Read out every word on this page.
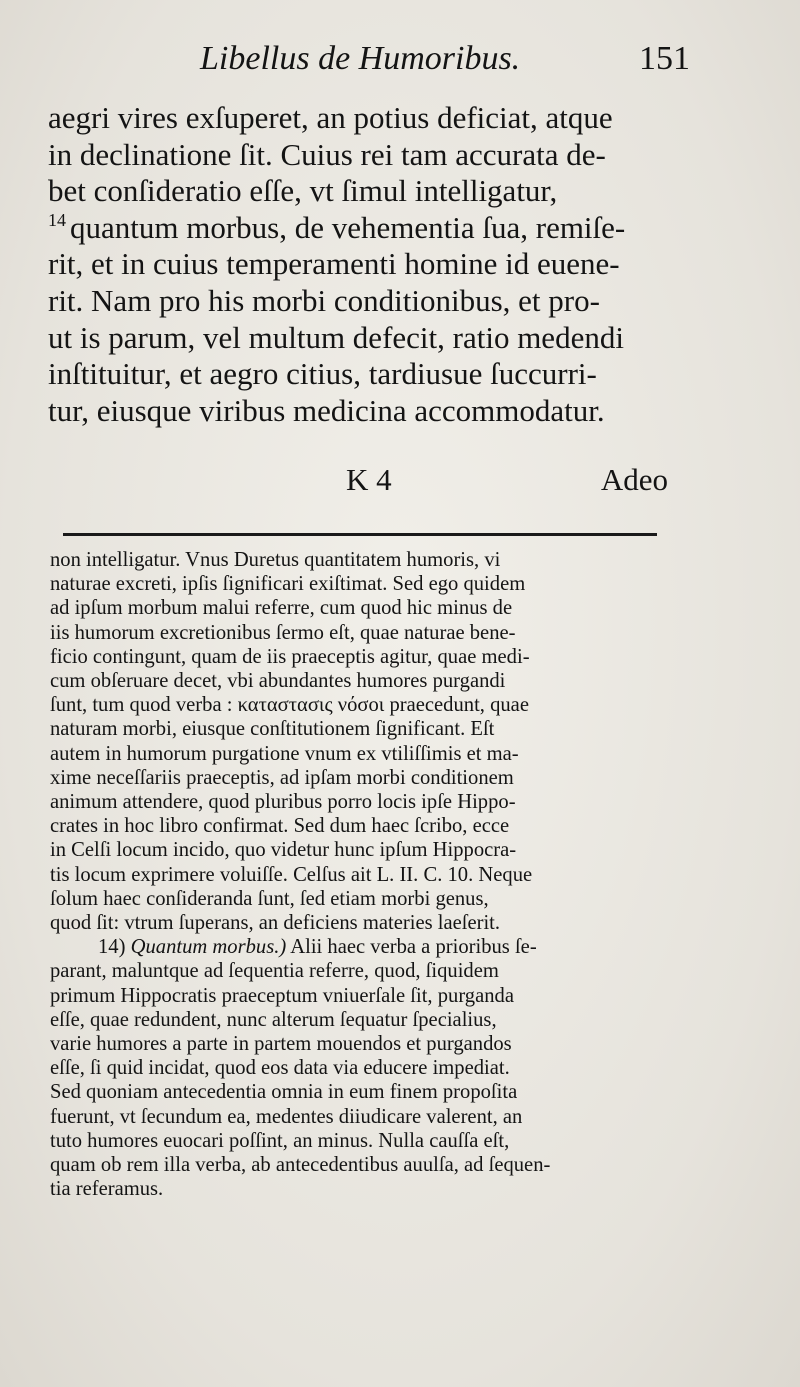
Libellus de Humoribus.	151
aegri vires exſuperet, an potius deficiat, atque
in declinatione ſit. Cuius rei tam accurata de-
bet conſideratio eſſe, vt ſimul intelligatur,
$^{14}$ quantum morbus, de vehementia ſua, remiſe-
rit, et in cuius temperamenti homine id euene-
rit. Nam pro his morbi conditionibus, et pro-
ut is parum, vel multum defecit, ratio medendi
inſtituitur, et aegro citius, tardiusue ſuccurri-
tur, eiusque viribus medicina accommodatur.
K 4	Adeo
non intelligatur. Vnus Duretus quantitatem humoris, vi
naturae excreti, ipſis ſignificari exiſtimat. Sed ego quidem
ad ipſum morbum malui referre, cum quod hic minus de
iis humorum excretionibus ſermo eſt, quae naturae bene-
ficio contingunt, quam de iis praeceptis agitur, quae medi-
cum obſeruare decet, vbi abundantes humores purgandi
ſunt, tum quod verba : καταστασις νόσοι praecedunt, quae
naturam morbi, eiusque conſtitutionem ſignificant. Eſt
autem in humorum purgatione vnum ex vtiliſſimis et ma-
xime neceſſariis praeceptis, ad ipſam morbi conditionem
animum attendere, quod pluribus porro locis ipſe Hippo-
crates in hoc libro confirmat. Sed dum haec ſcribo, ecce
in Celſi locum incido, quo videtur hunc ipſum Hippocra-
tis locum exprimere voluiſſe. Celſus ait L. II. C. 10. Neque
ſolum haec conſideranda ſunt, ſed etiam morbi genus,
quod ſit: vtrum ſuperans, an deficiens materies laeſerit.
14) Quantum morbus.) Alii haec verba a prioribus ſe-
parant, maluntque ad ſequentia referre, quod, ſiquidem
primum Hippocratis praeceptum vniuerſale ſit, purganda
eſſe, quae redundent, nunc alterum ſequatur ſpecialius,
varie humores a parte in partem mouendos et purgandos
eſſe, ſi quid incidat, quod eos data via educere impediat.
Sed quoniam antecedentia omnia in eum finem propoſita
fuerunt, vt ſecundum ea, medentes diiudicare valerent, an
tuto humores euocari poſſint, an minus. Nulla cauſſa eſt,
quam ob rem illa verba, ab antecedentibus auulſa, ad ſequen-
tia referamus.
